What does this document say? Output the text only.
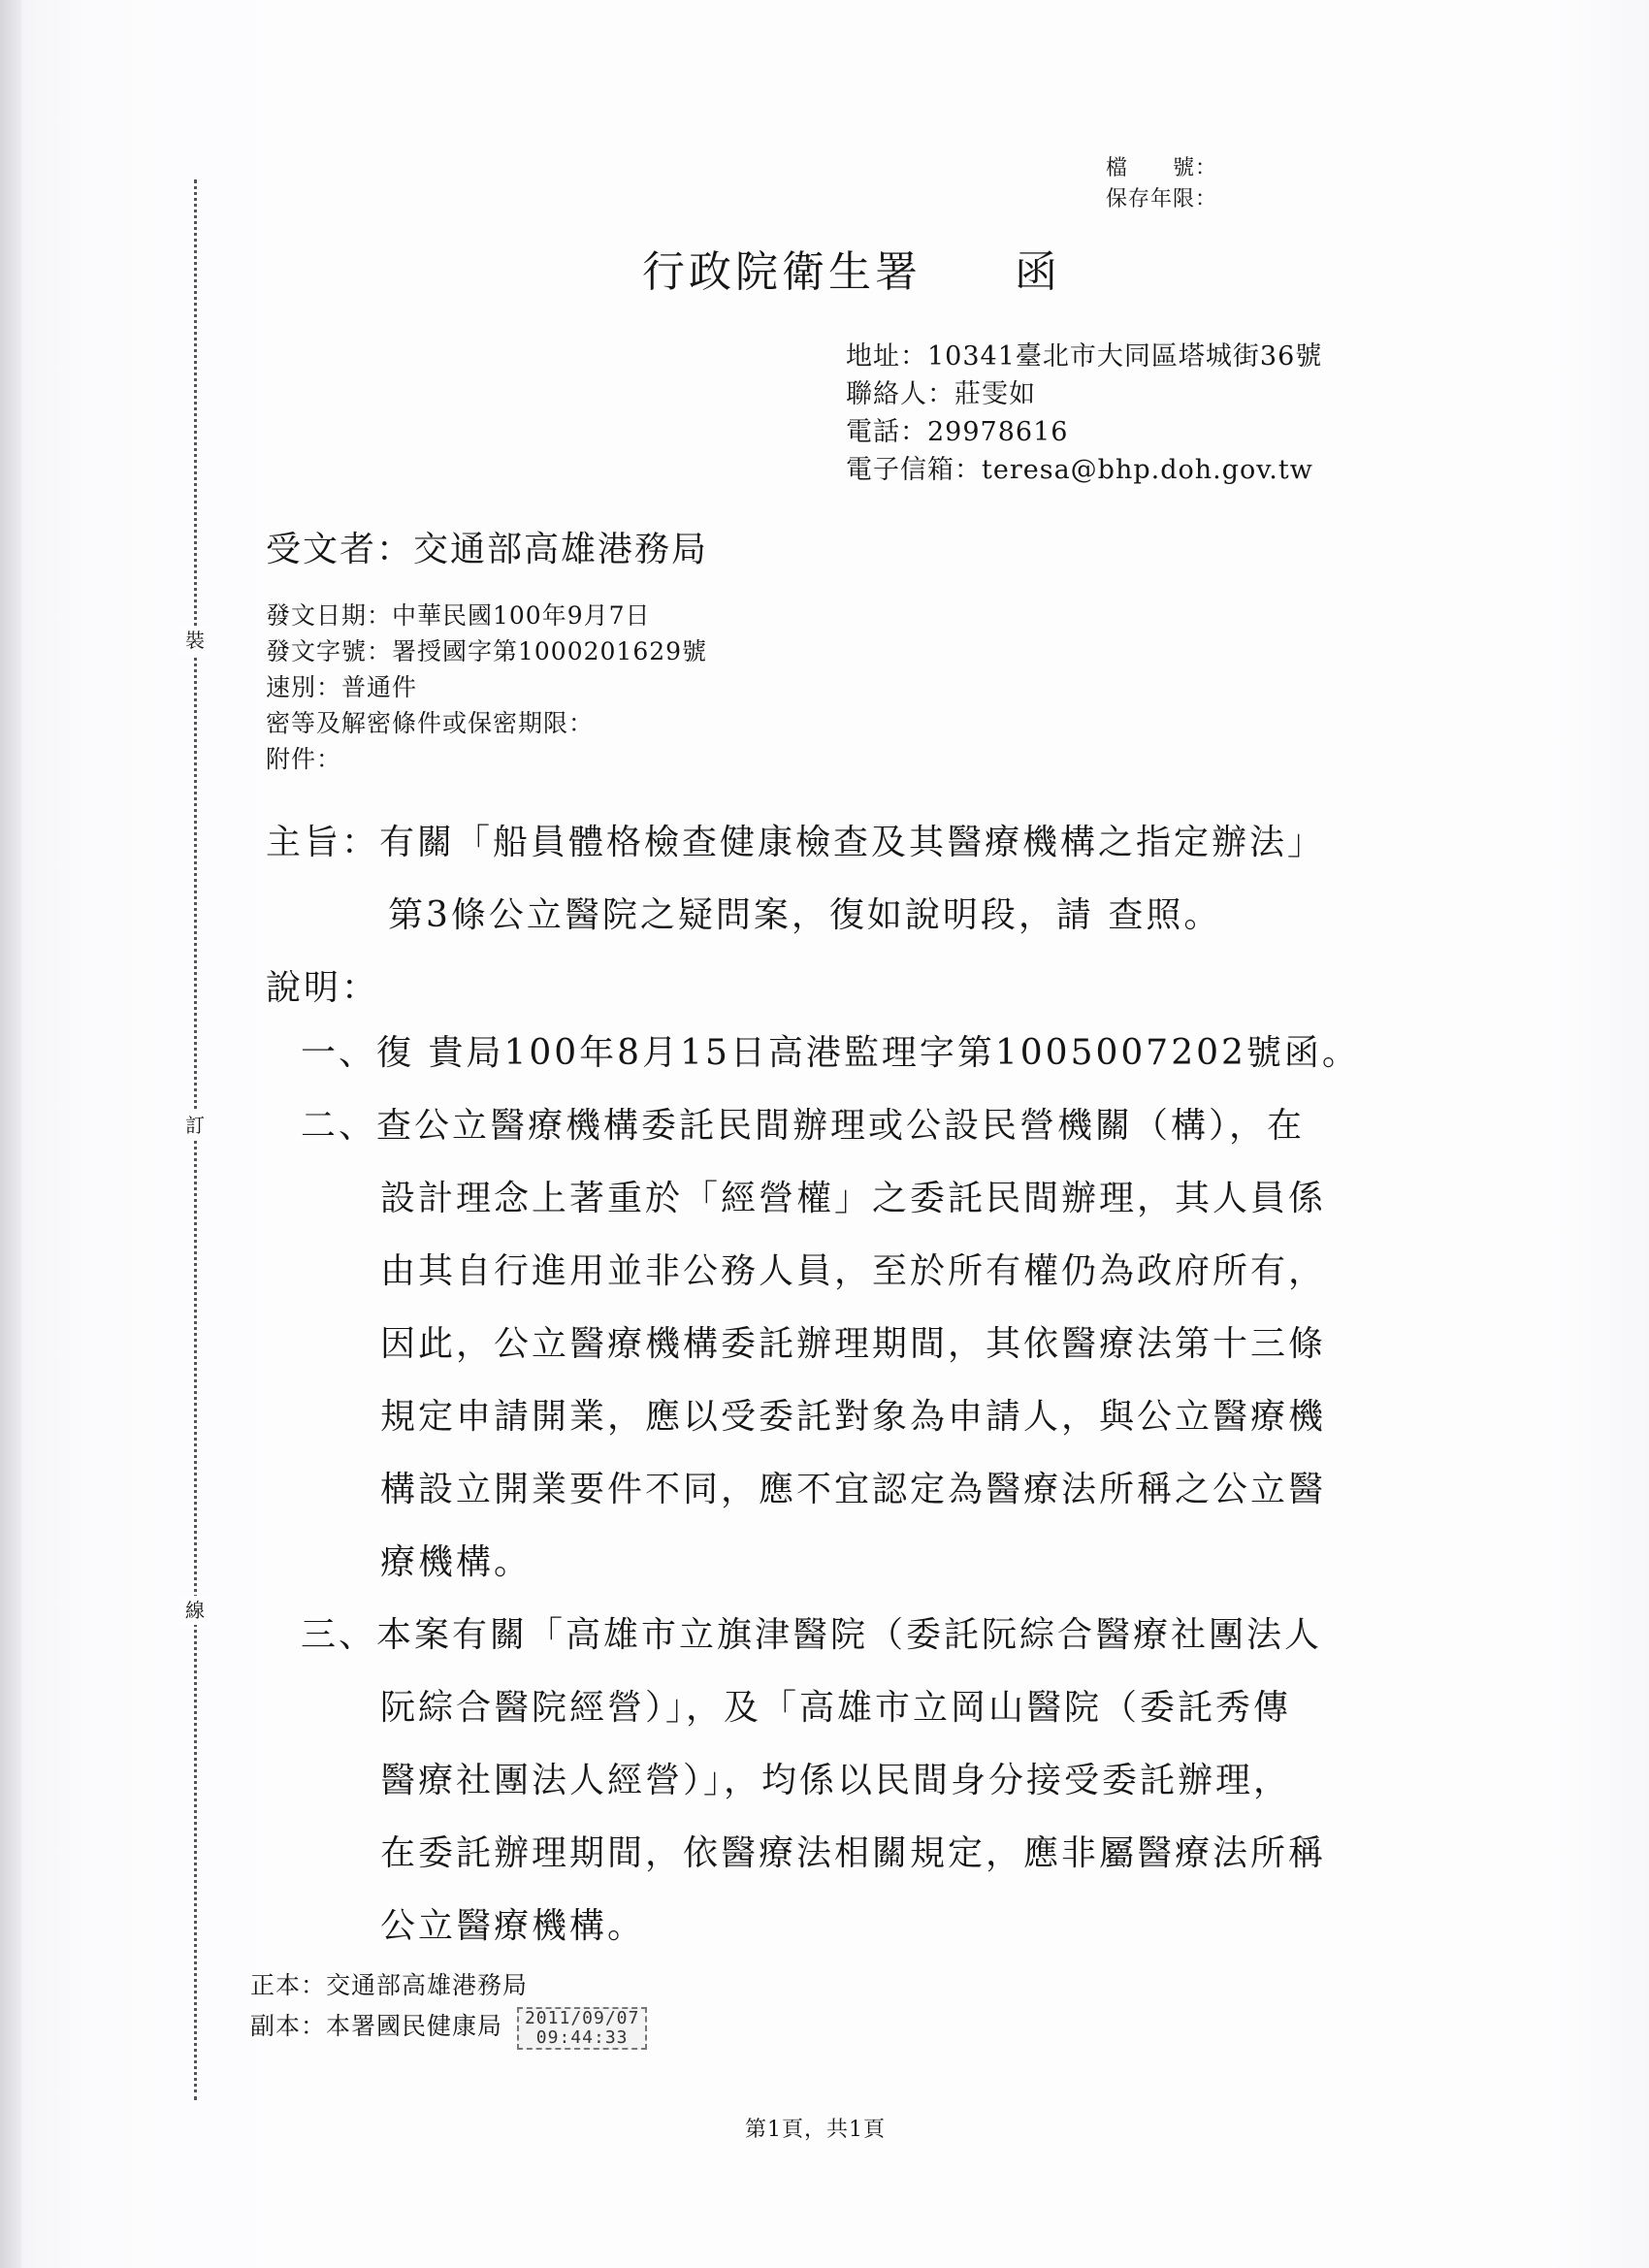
裝
訂
線
檔　　號：
保存年限：
行政院衛生署　　函
地址：10341臺北市大同區塔城街36號
聯絡人：莊雯如
電話：29978616
電子信箱：teresa@bhp.doh.gov.tw
受文者：交通部高雄港務局
發文日期：中華民國100年9月7日
發文字號：署授國字第1000201629號
速別：普通件
密等及解密條件或保密期限：
附件：
主旨：有關「船員體格檢查健康檢查及其醫療機構之指定辦法」
第3條公立醫院之疑問案，復如說明段，請 查照。
說明：
一、復 貴局100年8月15日高港監理字第1005007202號函。
二、查公立醫療機構委託民間辦理或公設民營機關（構），在
設計理念上著重於「經營權」之委託民間辦理，其人員係
由其自行進用並非公務人員，至於所有權仍為政府所有，
因此，公立醫療機構委託辦理期間，其依醫療法第十三條
規定申請開業，應以受委託對象為申請人，與公立醫療機
構設立開業要件不同，應不宜認定為醫療法所稱之公立醫
療機構。
三、本案有關「高雄市立旗津醫院（委託阮綜合醫療社團法人
阮綜合醫院經營）」，及「高雄市立岡山醫院（委託秀傳
醫療社團法人經營）」，均係以民間身分接受委託辦理，
在委託辦理期間，依醫療法相關規定，應非屬醫療法所稱
公立醫療機構。
正本：交通部高雄港務局
副本：本署國民健康局 2011/09/07
09:44:33
第1頁，共1頁
